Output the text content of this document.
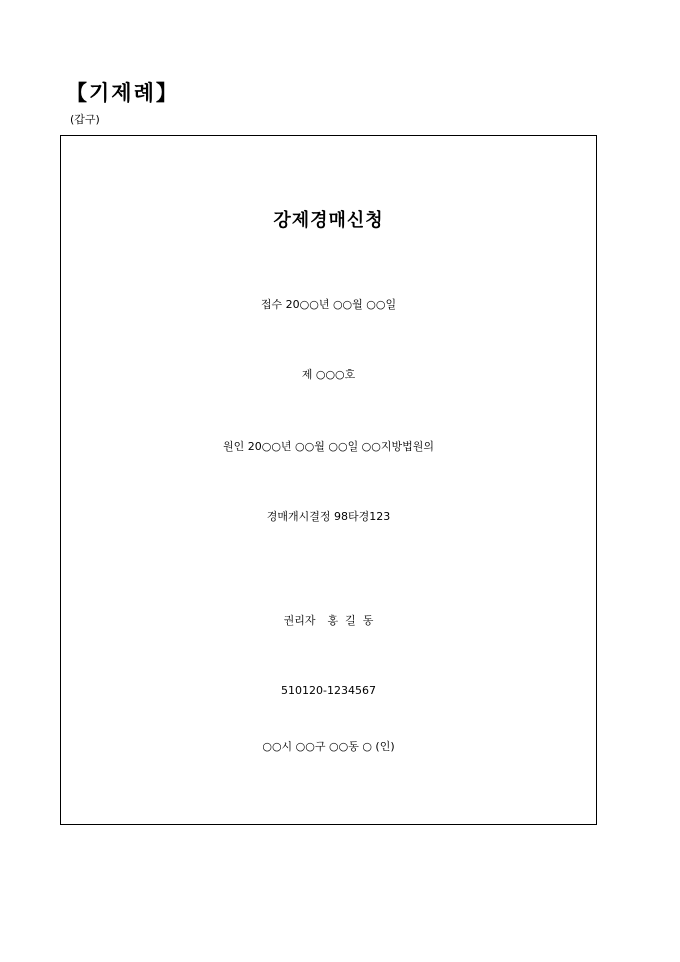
【기제례】
(갑구)
강제경매신청
접수 20○○년 ○○월 ○○일
제 ○○○호
원인 20○○년 ○○월 ○○일 ○○지방법원의
경매개시결정 98타경123
권리자 홍  길  동
510120-1234567
○○시 ○○구 ○○동 ○ (인)
